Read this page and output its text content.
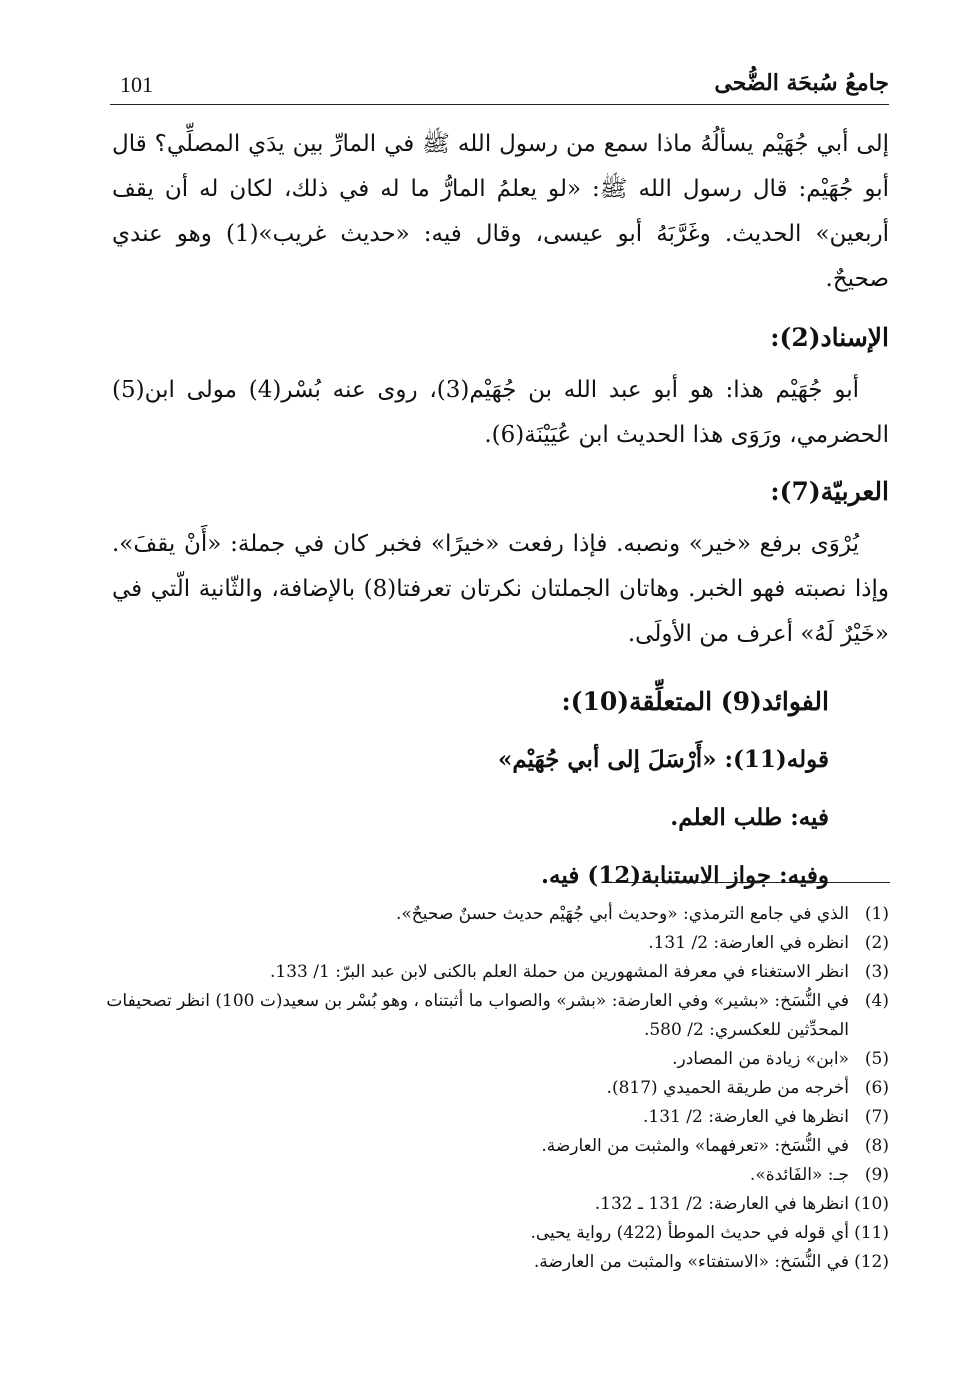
101	جامعُ سُبحَة الضُّحى

إلى أبي جُهَيْم يسألُهُ ماذا سمع من رسول الله ﷺ في المارِّ بين يدَي المصلِّي؟ قال أبو جُهَيْم: قال رسول الله ﷺ: «لو يعلمُ المارُّ ما له في ذلك، لكان له أن يقف أربعين» الحديث. وغَرَّبَهُ أبو عيسى، وقال فيه: «حديث غريب»(1) وهو عندي صحيحٌ.

الإسناد(2):

أبو جُهَيْم هذا: هو أبو عبد الله بن جُهَيْم(3)، روى عنه بُسْر(4) مولى ابن(5) الحضرمي، ورَوَى هذا الحديث ابن عُيَيْنَة(6).

العربيّة(7):

يُرْوَى برفع «خير» ونصبه. فإذا رفعت «خيرًا» فخبر كان في جملة: «أَنْ يقفَ». وإذا نصبته فهو الخبر. وهاتان الجملتان نكرتان تعرفتا(8) بالإضافة، والثّانية الّتي في «خَيْرٌ لَهُ» أعرف من الأولَى.

الفوائد(9) المتعلِّقة(10):

قوله(11): «أَرْسَلَ إلى أبي جُهَيْم»

فيه: طلب العلم.

وفيه: جواز الاستنابة(12) فيه.

(1)
الذي في جامع الترمذي: «وحديث أبي جُهَيْم حديث حسنٌ صحيحٌ».
(2)
انظره في العارضة: 2/ 131.
(3)
انظر الاستغناء في معرفة المشهورين من حملة العلم بالكنى لابن عبد البرّ: 1/ 133.
(4)
في النُّسَخ: «بشير» وفي العارضة: «بشر» والصواب ما أثبتناه ، وهو بُسْر بن سعيد(ت 100) انظر تصحيفات المحدِّثين للعكسري: 2/ 580.
(5)
«ابن» زيادة من المصادر.
(6)
أخرجه من طريقة الحميدي (817).
(7)
انظرها في العارضة: 2/ 131.
(8)
في النُّسَخ: «تعرفهما» والمثبت من العارضة.
(9)
جـ: «الفَائدة».
(10)
انظرها في العارضة: 2/ 131 ـ 132.
(11)
أي قوله في حديث الموطأ (422) رواية يحيى.
(12)
في النُّسَخ: «الاستفتاء» والمثبت من العارضة.
